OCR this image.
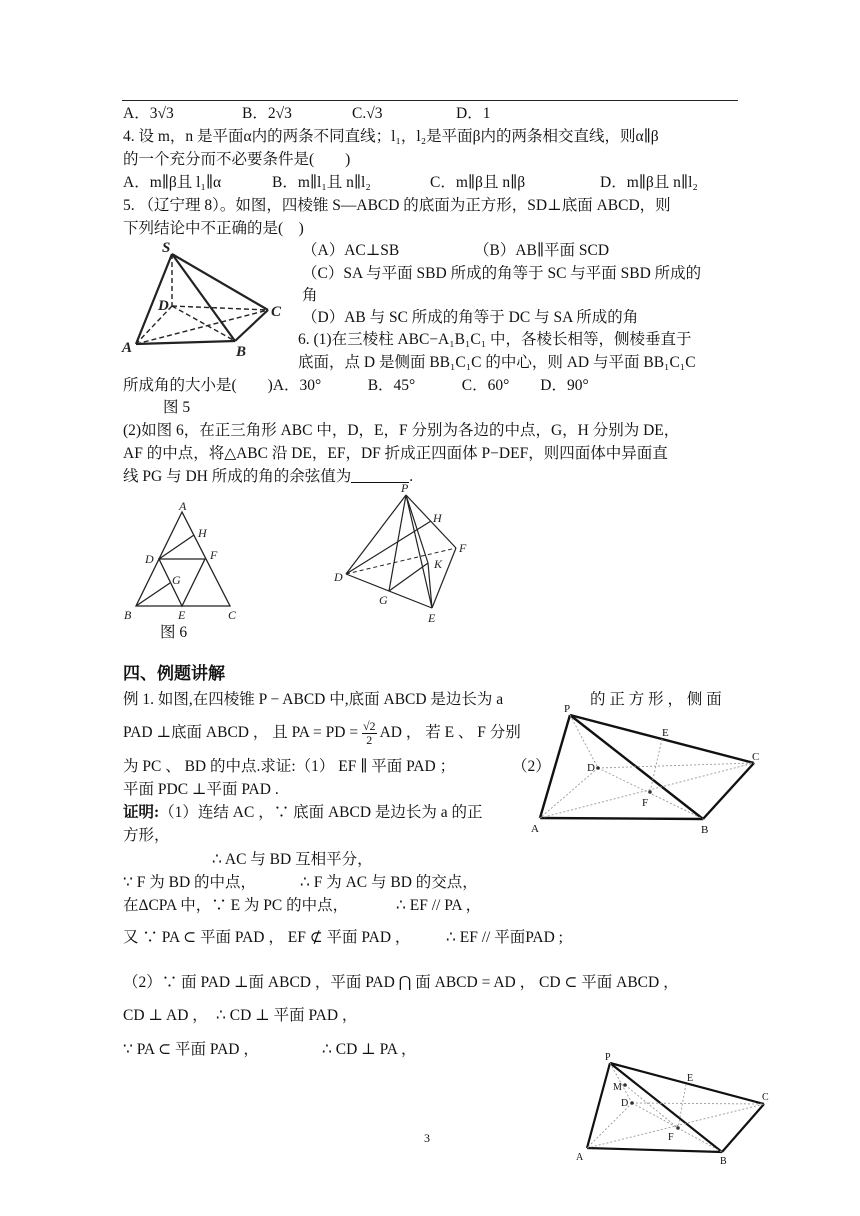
A．3√3	B．2√3	C.√3	D．1
4. 设 m，n 是平面α内的两条不同直线；l₁，l₂是平面β内的两条相交直线，则α∥β
的一个充分而不必要条件是(　　)
A．m∥β且 l₁∥α	B．m∥l₁且 n∥l₂	C．m∥β且 n∥β	D．m∥β且 n∥l₂
5. （辽宁理 8）。如图，四棱锥 S—ABCD 的底面为正方形，SD⊥底面 ABCD，则
下列结论中不正确的是(　)
（A）AC⊥SB	（B）AB∥平面 SCD
（C）SA 与平面 SBD 所成的角等于 SC 与平面 SBD 所成的
角
（D）AB 与 SC 所成的角等于 DC 与 SA 所成的角
S
D	C
A	B
6. (1)在三棱柱 ABC−A₁B₁C₁ 中，各棱长相等，侧棱垂直于
底面，点 D 是侧面 BB₁C₁C 的中心，则 AD 与平面 BB₁C₁C
所成角的大小是(　　)A．30°　　　B．45°　　　C．60°　　D．90°
图 5
(2)如图 6，在正三角形 ABC 中，D，E，F 分别为各边的中点，G，H 分别为 DE，
AF 的中点，将△ABC 沿 DE，EF，DF 折成正四面体 P−DEF，则四面体中异面直
线 PG 与 DH 所成的角的余弦值为	.
A
H
D	F
G
B	E	C
图 6
P
H
F
K
D
G
E
四、例题讲解
例 1. 如图,在四棱锥 P − ABCD 中,底面 ABCD 是边长为 a	的 正 方 形 ， 侧 面
PAD ⊥底面 ABCD ， 且 PA = PD = $\frac{√2}{2}$ AD ， 若 E 、 F 分别
为 PC 、 BD 的中点.求证:（1） EF ∥ 平面 PAD ；	（2）
平面 PDC ⊥平面 PAD .
证明:（1）连结 AC ，∵ 底面 ABCD 是边长为 a 的正
方形，
∴ AC 与 BD 互相平分，
∵ F 为 BD 的中点，	∴ F 为 AC 与 BD 的交点，
在ΔCPA 中，∵ E 为 PC 的中点，	∴ EF // PA ，
又 ∵ PA ⊂ 平面 PAD ， EF ⊄ 平面 PAD ， ∴ EF // 平面PAD ;
（2）∵ 面 PAD ⊥面 ABCD ，平面 PAD ⋂ 面 ABCD = AD ， CD ⊂ 平面 ABCD ，
CD ⊥ AD ， ∴ CD ⊥ 平面 PAD ，
∵ PA ⊂ 平面 PAD ，	∴ CD ⊥ PA ，
P
E
C
D
F
A	B
P
M
E
C
D
F
A	B
3
